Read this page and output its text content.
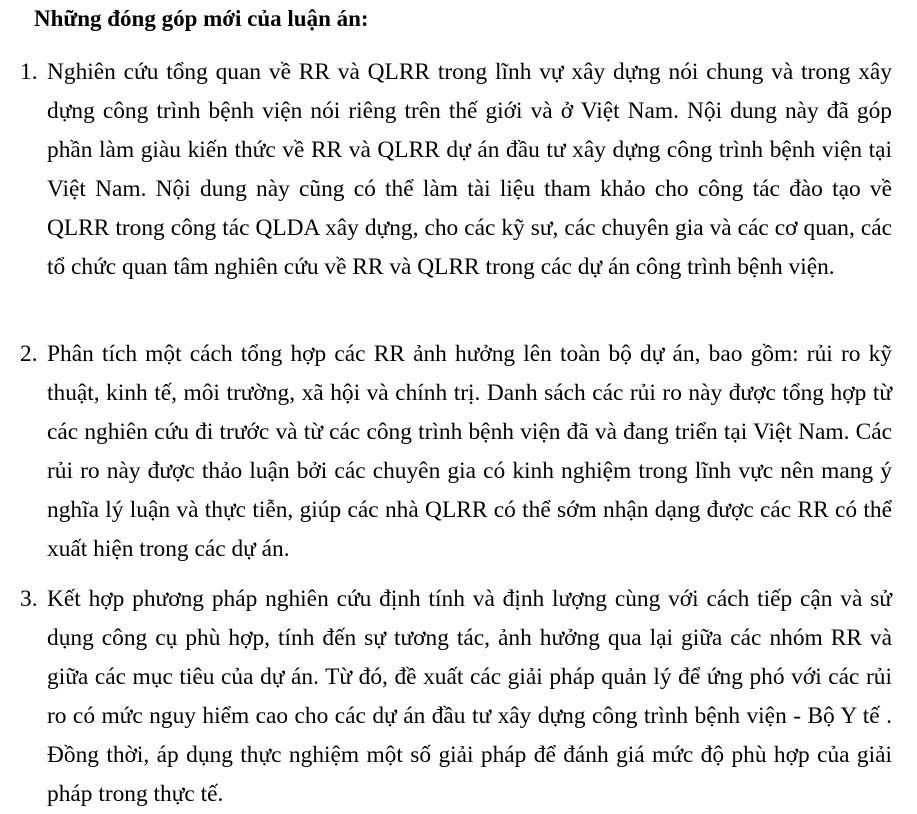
Những đóng góp mới của luận án:
1. Nghiên cứu tổng quan về RR và QLRR trong lĩnh vự xây dựng nói chung và trong xây dựng công trình bệnh viện nói riêng trên thế giới và ở Việt Nam. Nội dung này đã góp phần làm giàu kiến thức về RR và QLRR dự án đầu tư xây dựng công trình bệnh viện tại Việt Nam. Nội dung này cũng có thể làm tài liệu tham khảo cho công tác đào tạo về QLRR trong công tác QLDA xây dựng, cho các kỹ sư, các chuyên gia và các cơ quan, các tổ chức quan tâm nghiên cứu về RR và QLRR trong các dự án công trình bệnh viện.
2. Phân tích một cách tổng hợp các RR ảnh hưởng lên toàn bộ dự án, bao gồm: rủi ro kỹ thuật, kinh tế, môi trường, xã hội và chính trị. Danh sách các rủi ro này được tổng hợp từ các nghiên cứu đi trước và từ các công trình bệnh viện đã và đang triển tại Việt Nam. Các rủi ro này được thảo luận bởi các chuyên gia có kinh nghiệm trong lĩnh vực nên mang ý nghĩa lý luận và thực tiễn, giúp các nhà QLRR có thể sớm nhận dạng được các RR có thể xuất hiện trong các dự án.
3. Kết hợp phương pháp nghiên cứu định tính và định lượng cùng với cách tiếp cận và sử dụng công cụ phù hợp, tính đến sự tương tác, ảnh hưởng qua lại giữa các nhóm RR và giữa các mục tiêu của dự án. Từ đó, đề xuất các giải pháp quản lý để ứng phó với các rủi ro có mức nguy hiểm cao cho các dự án đầu tư xây dựng công trình bệnh viện - Bộ Y tế . Đồng thời, áp dụng thực nghiệm một số giải pháp để đánh giá mức độ phù hợp của giải pháp trong thực tế.
